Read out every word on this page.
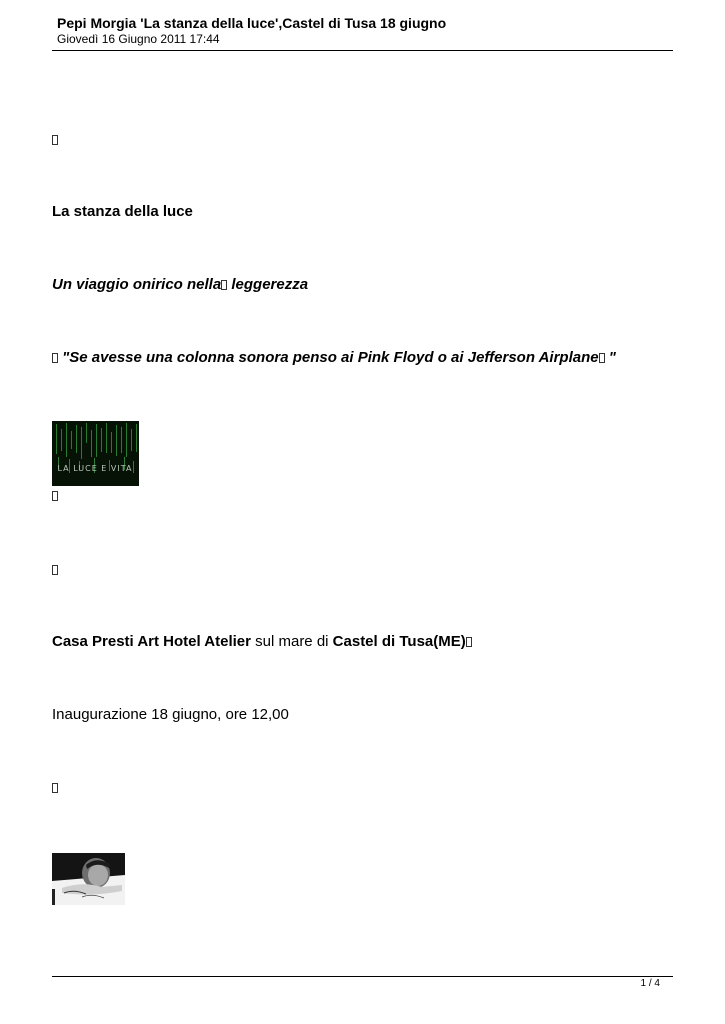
Pepi Morgia 'La stanza della luce',Castel di Tusa 18 giugno
Giovedì 16 Giugno 2011 17:44
La stanza della luce
Un viaggio onirico nella leggerezza
"Se avesse una colonna sonora penso ai Pink Floyd o ai Jefferson Airplane "
LA LUCE E VITA
Casa Presti Art Hotel Atelier sul mare di Castel di Tusa(ME)
Inaugurazione 18 giugno, ore 12,00
1 / 4
